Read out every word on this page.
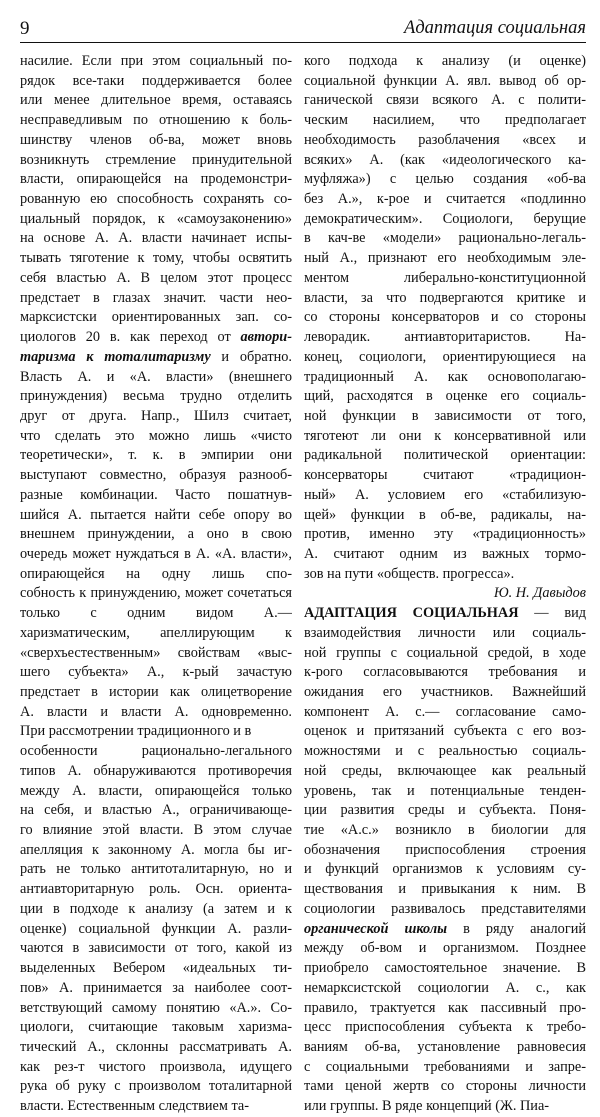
9	Адаптация социальная
насилие. Если при этом социальный по-
рядок все-таки поддерживается более
или менее длительное время, оставаясь
несправедливым по отношению к боль-
шинству членов об-ва, может вновь
возникнуть стремление принудительной
власти, опирающейся на продемонстри-
рованную ею способность сохранять со-
циальный порядок, к «самоузаконению»
на основе А. А. власти начинает испы-
тывать тяготение к тому, чтобы освятить
себя властью А. В целом этот процесс
предстает в глазах значит. части нео-
марксистски ориентированных зап. со-
циологов 20 в. как переход от автори-
таризма к тоталитаризму и обратно.
Власть А. и «А. власти» (внешнего
принуждения) весьма трудно отделить
друг от друга. Напр., Шилз считает,
что сделать это можно лишь «чисто
теоретически», т. к. в эмпирии они
выступают совместно, образуя разнооб-
разные комбинации. Часто пошатнув-
шийся А. пытается найти себе опору во
внешнем принуждении, а оно в свою
очередь может нуждаться в А. «А. власти»,
опирающейся на одну лишь спо-
собность к принуждению, может сочетаться
только с одним видом А.—
харизматическим, апеллирующим к
«сверхъестественным» свойствам «выс-
шего субъекта» А., к-рый зачастую
предстает в истории как олицетворение
А. власти и власти А. одновременно.
При рассмотрении традиционного и в
особенности рационально-легального
типов А. обнаруживаются противоречия
между А. власти, опирающейся только
на себя, и властью А., ограничивающе-
го влияние этой власти. В этом случае
апелляция к законному А. могла бы иг-
рать не только антитоталитарную, но и
антиавторитарную роль. Осн. ориента-
ции в подходе к анализу (а затем и к
оценке) социальной функции А. разли-
чаются в зависимости от того, какой из
выделенных Вебером «идеальных ти-
пов» А. принимается за наиболее соот-
ветствующий самому понятию «А.». Со-
циологи, считающие таковым харизма-
тический А., склонны рассматривать А.
как рез-т чистого произвола, идущего
рука об руку с произволом тоталитарной
власти. Естественным следствием та-
кого подхода к анализу (и оценке)
социальной функции А. явл. вывод об ор-
ганической связи всякого А. с полити-
ческим насилием, что предполагает
необходимость разоблачения «всех и
всяких» А. (как «идеологического ка-
муфляжа») с целью создания «об-ва
без А.», к-рое и считается «подлинно
демократическим». Социологи, берущие
в кач-ве «модели» рационально-легаль-
ный А., признают его необходимым эле-
ментом либерально-конституционной
власти, за что подвергаются критике и
со стороны консерваторов и со стороны
леворадик. антиавторитаристов. На-
конец, социологи, ориентирующиеся на
традиционный А. как основополагаю-
щий, расходятся в оценке его социаль-
ной функции в зависимости от того,
тяготеют ли они к консервативной или
радикальной политической ориентации:
консерваторы считают «традицион-
ный» А. условием его «стабилизую-
щей» функции в об-ве, радикалы, на-
против, именно эту «традиционность»
А. считают одним из важных тормо-
зов на пути «обществ. прогресса».
Ю. Н. Давыдов
АДАПТАЦИЯ СОЦИАЛЬНАЯ — вид
взаимодействия личности или социаль-
ной группы с социальной средой, в ходе
к-рого согласовываются требования и
ожидания его участников. Важнейший
компонент А. с.— согласование само-
оценок и притязаний субъекта с его воз-
можностями и с реальностью социаль-
ной среды, включающее как реальный
уровень, так и потенциальные тенден-
ции развития среды и субъекта. Поня-
тие «А.с.» возникло в биологии для
обозначения приспособления строения
и функций организмов к условиям су-
ществования и привыкания к ним. В
социологии развивалось представителями
органической школы в ряду аналогий
между об-вом и организмом. Позднее
приобрело самостоятельное значение. В
немарксистской социологии А. с., как
правило, трактуется как пассивный про-
цесс приспособления субъекта к требо-
ваниям об-ва, установление равновесия
с социальными требованиями и запре-
тами ценой жертв со стороны личности
или группы. В ряде концепций (Ж. Пиа-
